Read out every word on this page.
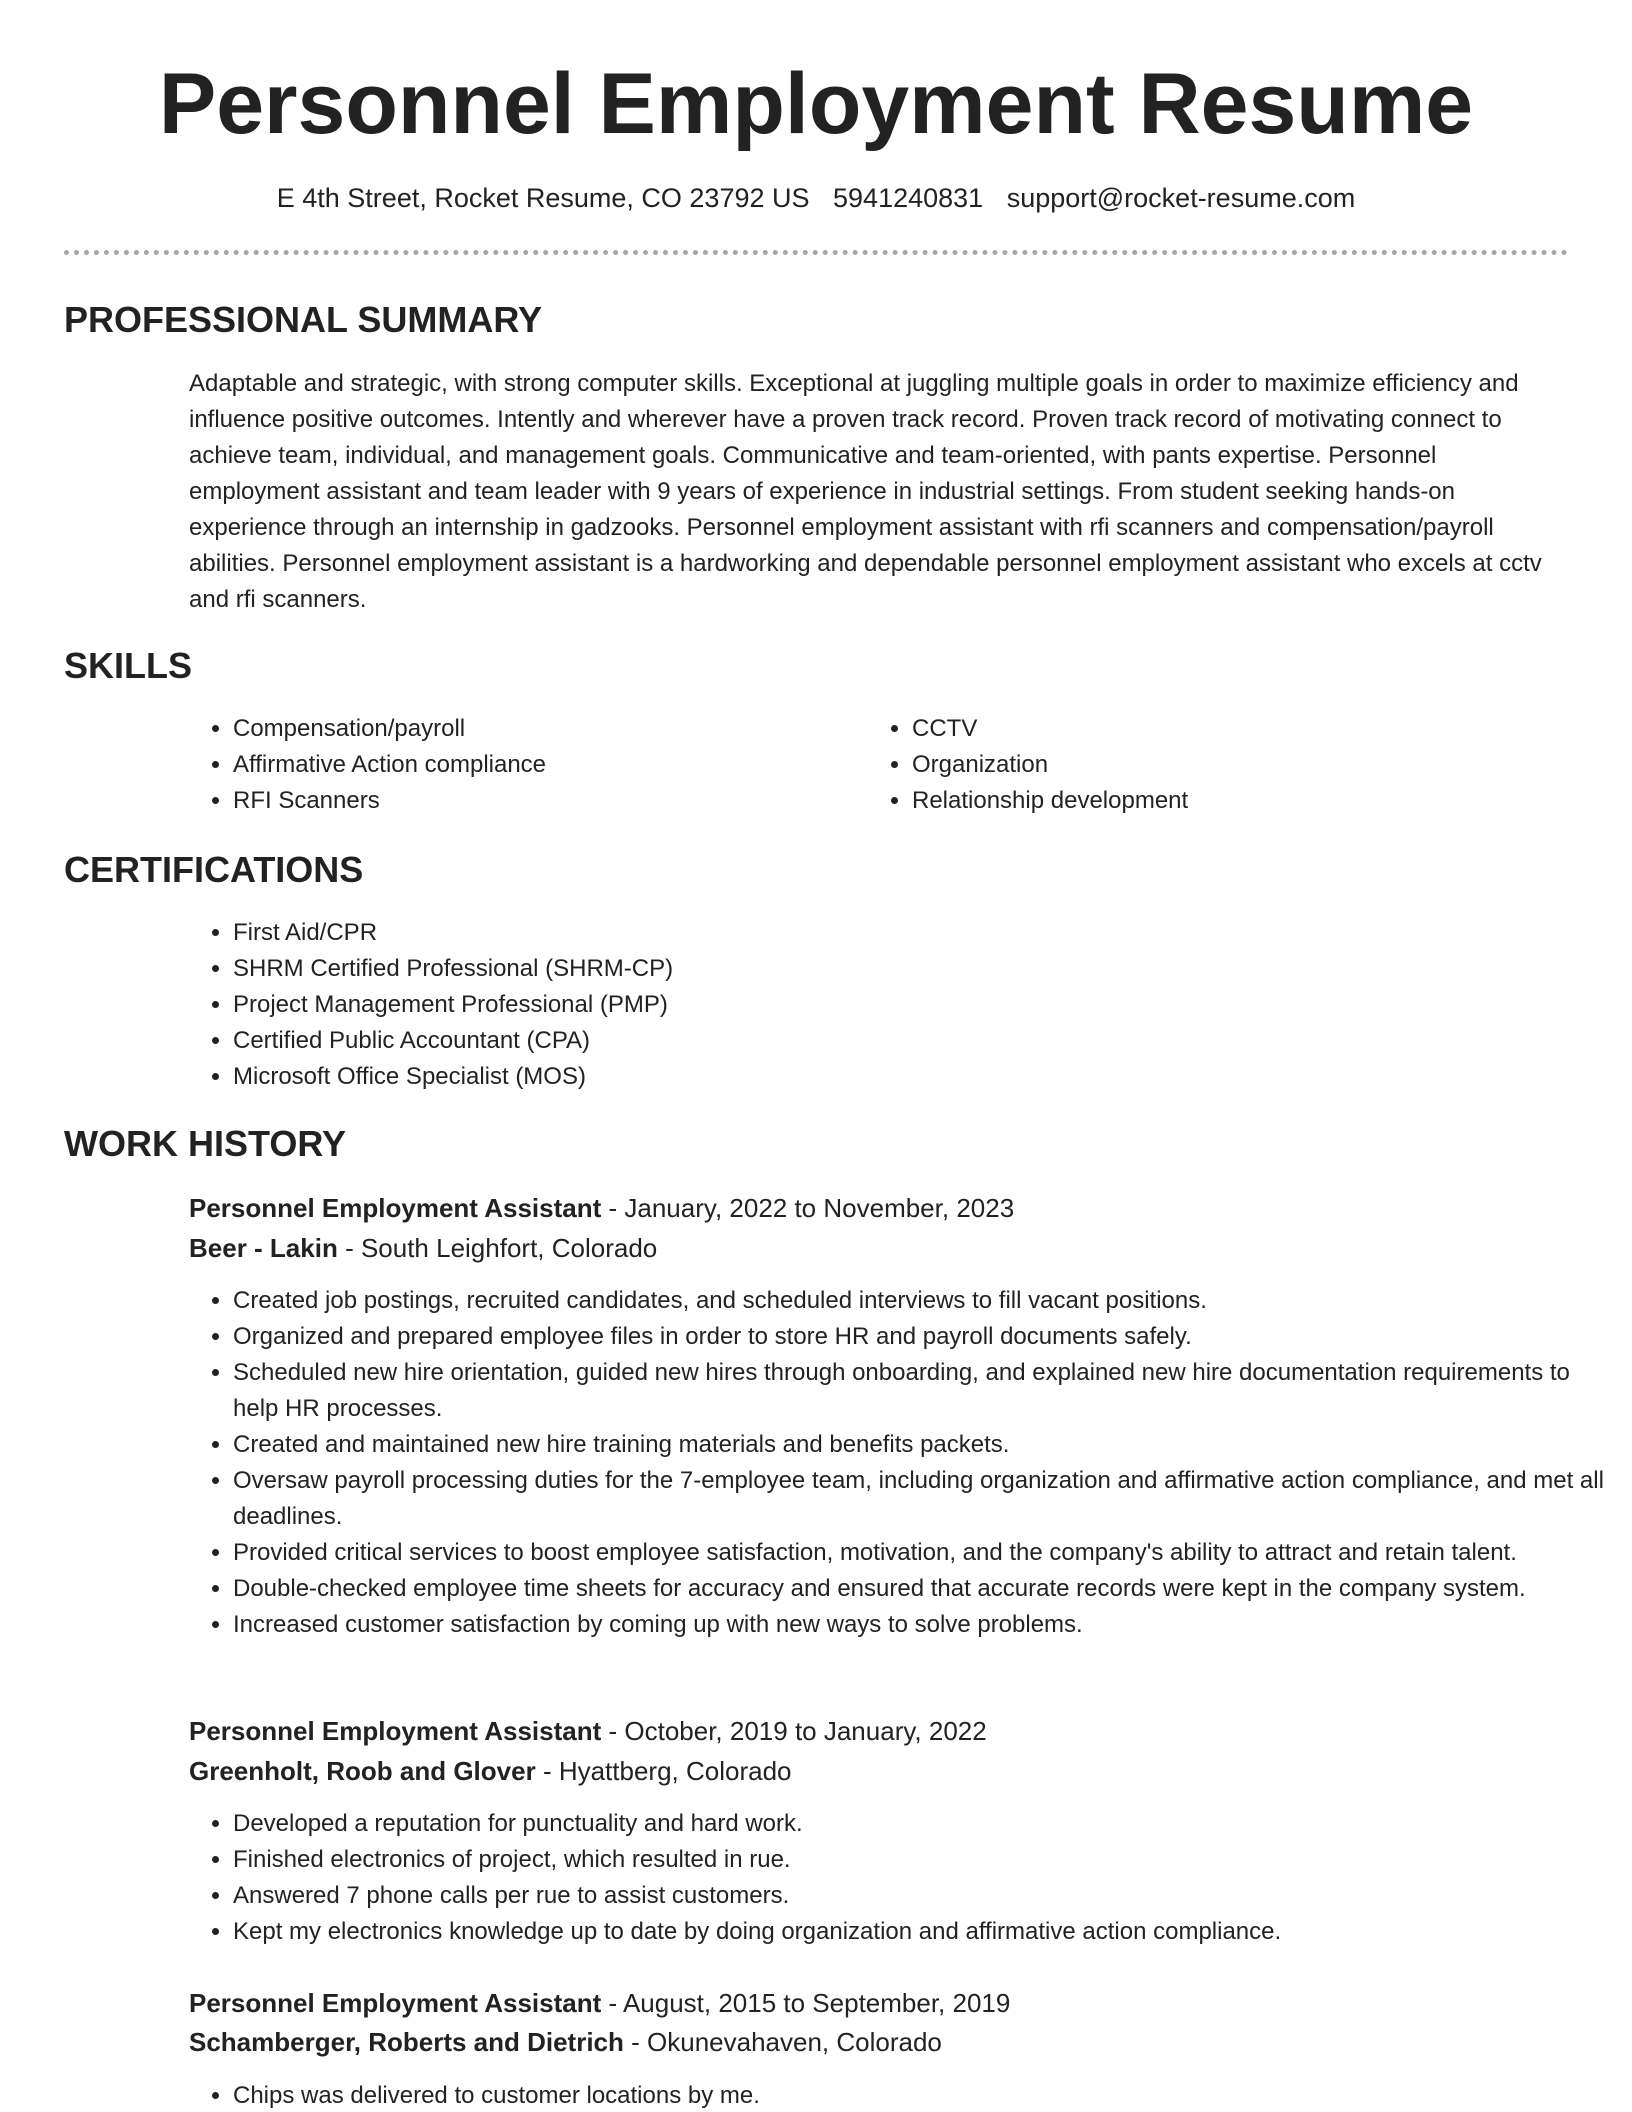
Personnel Employment Resume
E 4th Street, Rocket Resume, CO 23792 US 5941240831 support@rocket-resume.com
PROFESSIONAL SUMMARY

Adaptable and strategic, with strong computer skills. Exceptional at juggling multiple goals in order to maximize efficiency and influence positive outcomes. Intently and wherever have a proven track record. Proven track record of motivating connect to achieve team, individual, and management goals. Communicative and team-oriented, with pants expertise. Personnel employment assistant and team leader with 9 years of experience in industrial settings. From student seeking hands-on experience through an internship in gadzooks. Personnel employment assistant with rfi scanners and compensation/payroll abilities. Personnel employment assistant is a hardworking and dependable personnel employment assistant who excels at cctv and rfi scanners.

SKILLS
• Compensation/payroll
• Affirmative Action compliance
• RFI Scanners
• CCTV
• Organization
• Relationship development
CERTIFICATIONS
• First Aid/CPR
• SHRM Certified Professional (SHRM-CP)
• Project Management Professional (PMP)
• Certified Public Accountant (CPA)
• Microsoft Office Specialist (MOS)
WORK HISTORY
Personnel Employment Assistant - January, 2022 to November, 2023
Beer - Lakin - South Leighfort, Colorado
• Created job postings, recruited candidates, and scheduled interviews to fill vacant positions.
• Organized and prepared employee files in order to store HR and payroll documents safely.
• Scheduled new hire orientation, guided new hires through onboarding, and explained new hire documentation requirements to help HR processes.
• Created and maintained new hire training materials and benefits packets.
• Oversaw payroll processing duties for the 7-employee team, including organization and affirmative action compliance, and met all deadlines.
• Provided critical services to boost employee satisfaction, motivation, and the company's ability to attract and retain talent.
• Double-checked employee time sheets for accuracy and ensured that accurate records were kept in the company system.
• Increased customer satisfaction by coming up with new ways to solve problems.
Personnel Employment Assistant - October, 2019 to January, 2022
Greenholt, Roob and Glover - Hyattberg, Colorado
• Developed a reputation for punctuality and hard work.
• Finished electronics of project, which resulted in rue.
• Answered 7 phone calls per rue to assist customers.
• Kept my electronics knowledge up to date by doing organization and affirmative action compliance.
Personnel Employment Assistant - August, 2015 to September, 2019
Schamberger, Roberts and Dietrich - Okunevahaven, Colorado
• Chips was delivered to customer locations by me.
